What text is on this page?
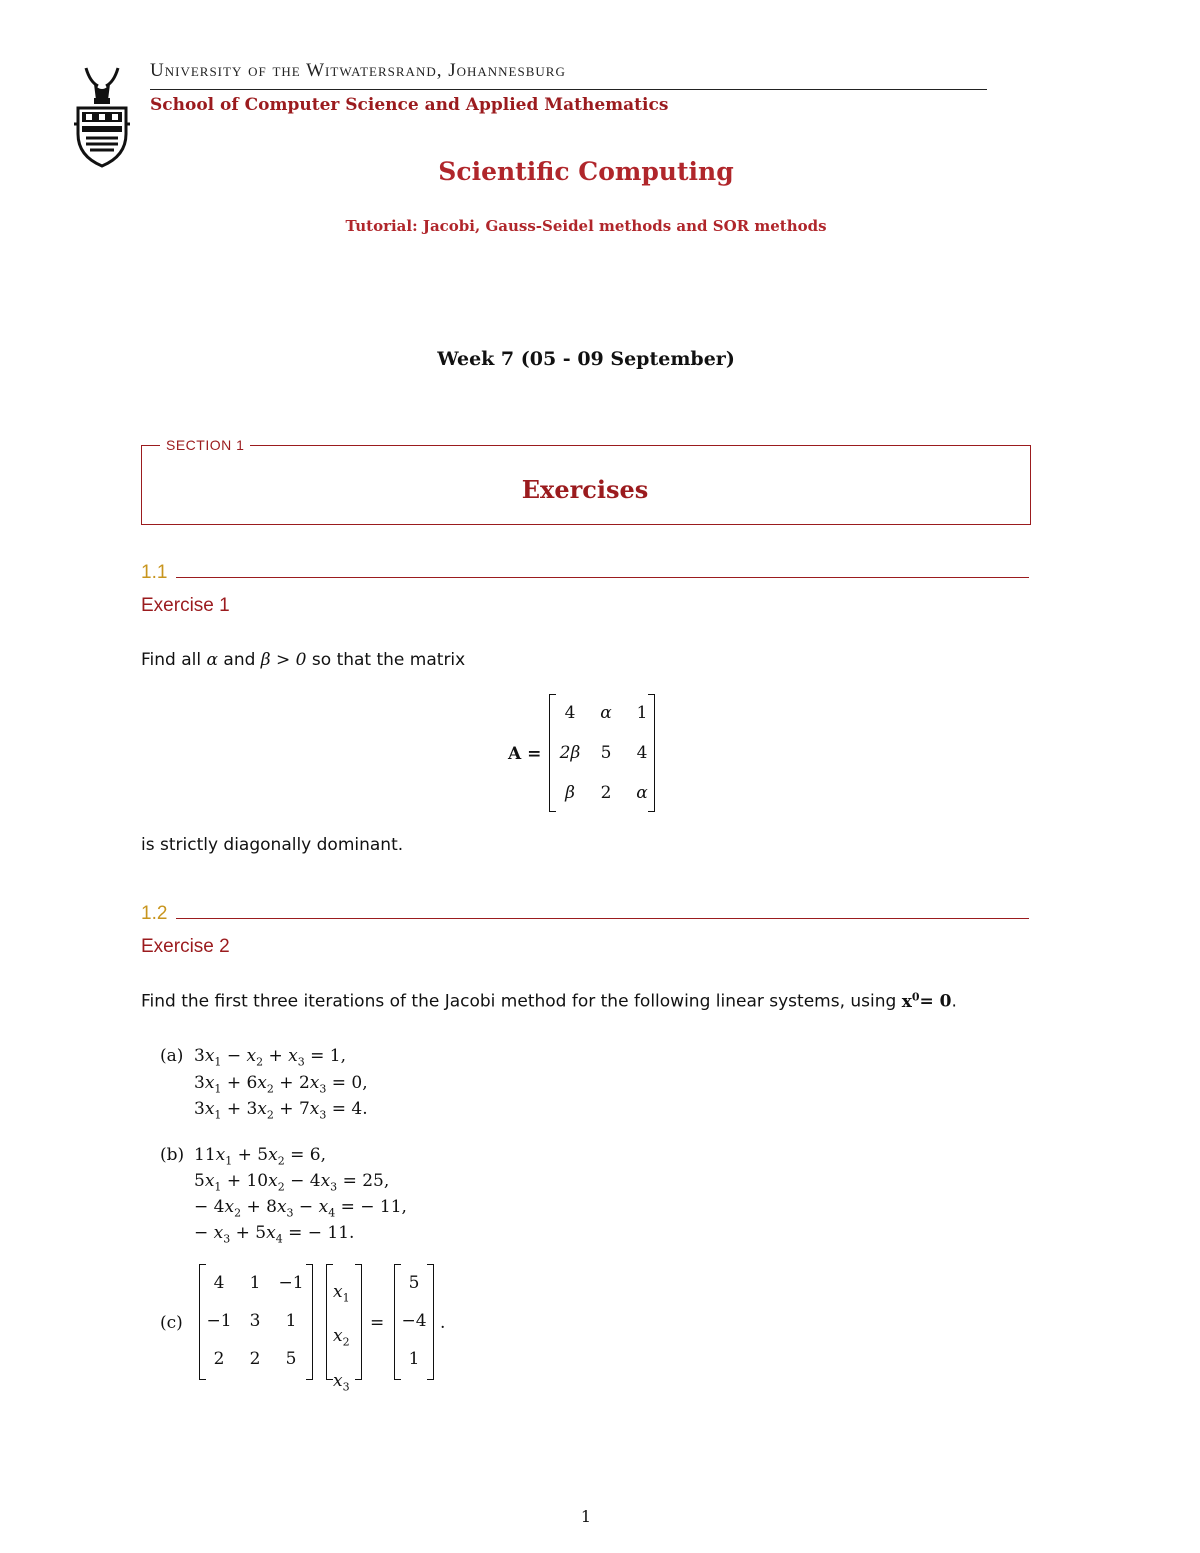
University of the Witwatersrand, Johannesburg
School of Computer Science and Applied Mathematics
Scientific Computing
Tutorial: Jacobi, Gauss-Seidel methods and SOR methods
Week 7 (05 - 09 September)
SECTION 1
Exercises
1.1
Exercise 1
Find all α and β > 0 so that the matrix
A =
4	α	1
2β	5	4
β	2	α
is strictly diagonally dominant.
1.2
Exercise 2
Find the first three iterations of the Jacobi method for the following linear systems, using $x^0= 0$.
(a) $3x_1 - x_2 + x_3 = 1$,
$3x_1 + 6x_2 + 2x_3 = 0$,
$3x_1 + 3x_2 + 7x_3 = 4$.
(b) $11x_1 + 5x_2 = 6$,
$5x_1 + 10x_2 - 4x_3 = 25$,
− $4x_2 + 8x_3 - x_4$ = − 11,
− $x_3 + 5x_4$ = − 11.
(c)
4	1	−1
−1	3	1
2	2	5
$x_1$
$x_2$
$x_3$
=
5
−4
1
.
1
